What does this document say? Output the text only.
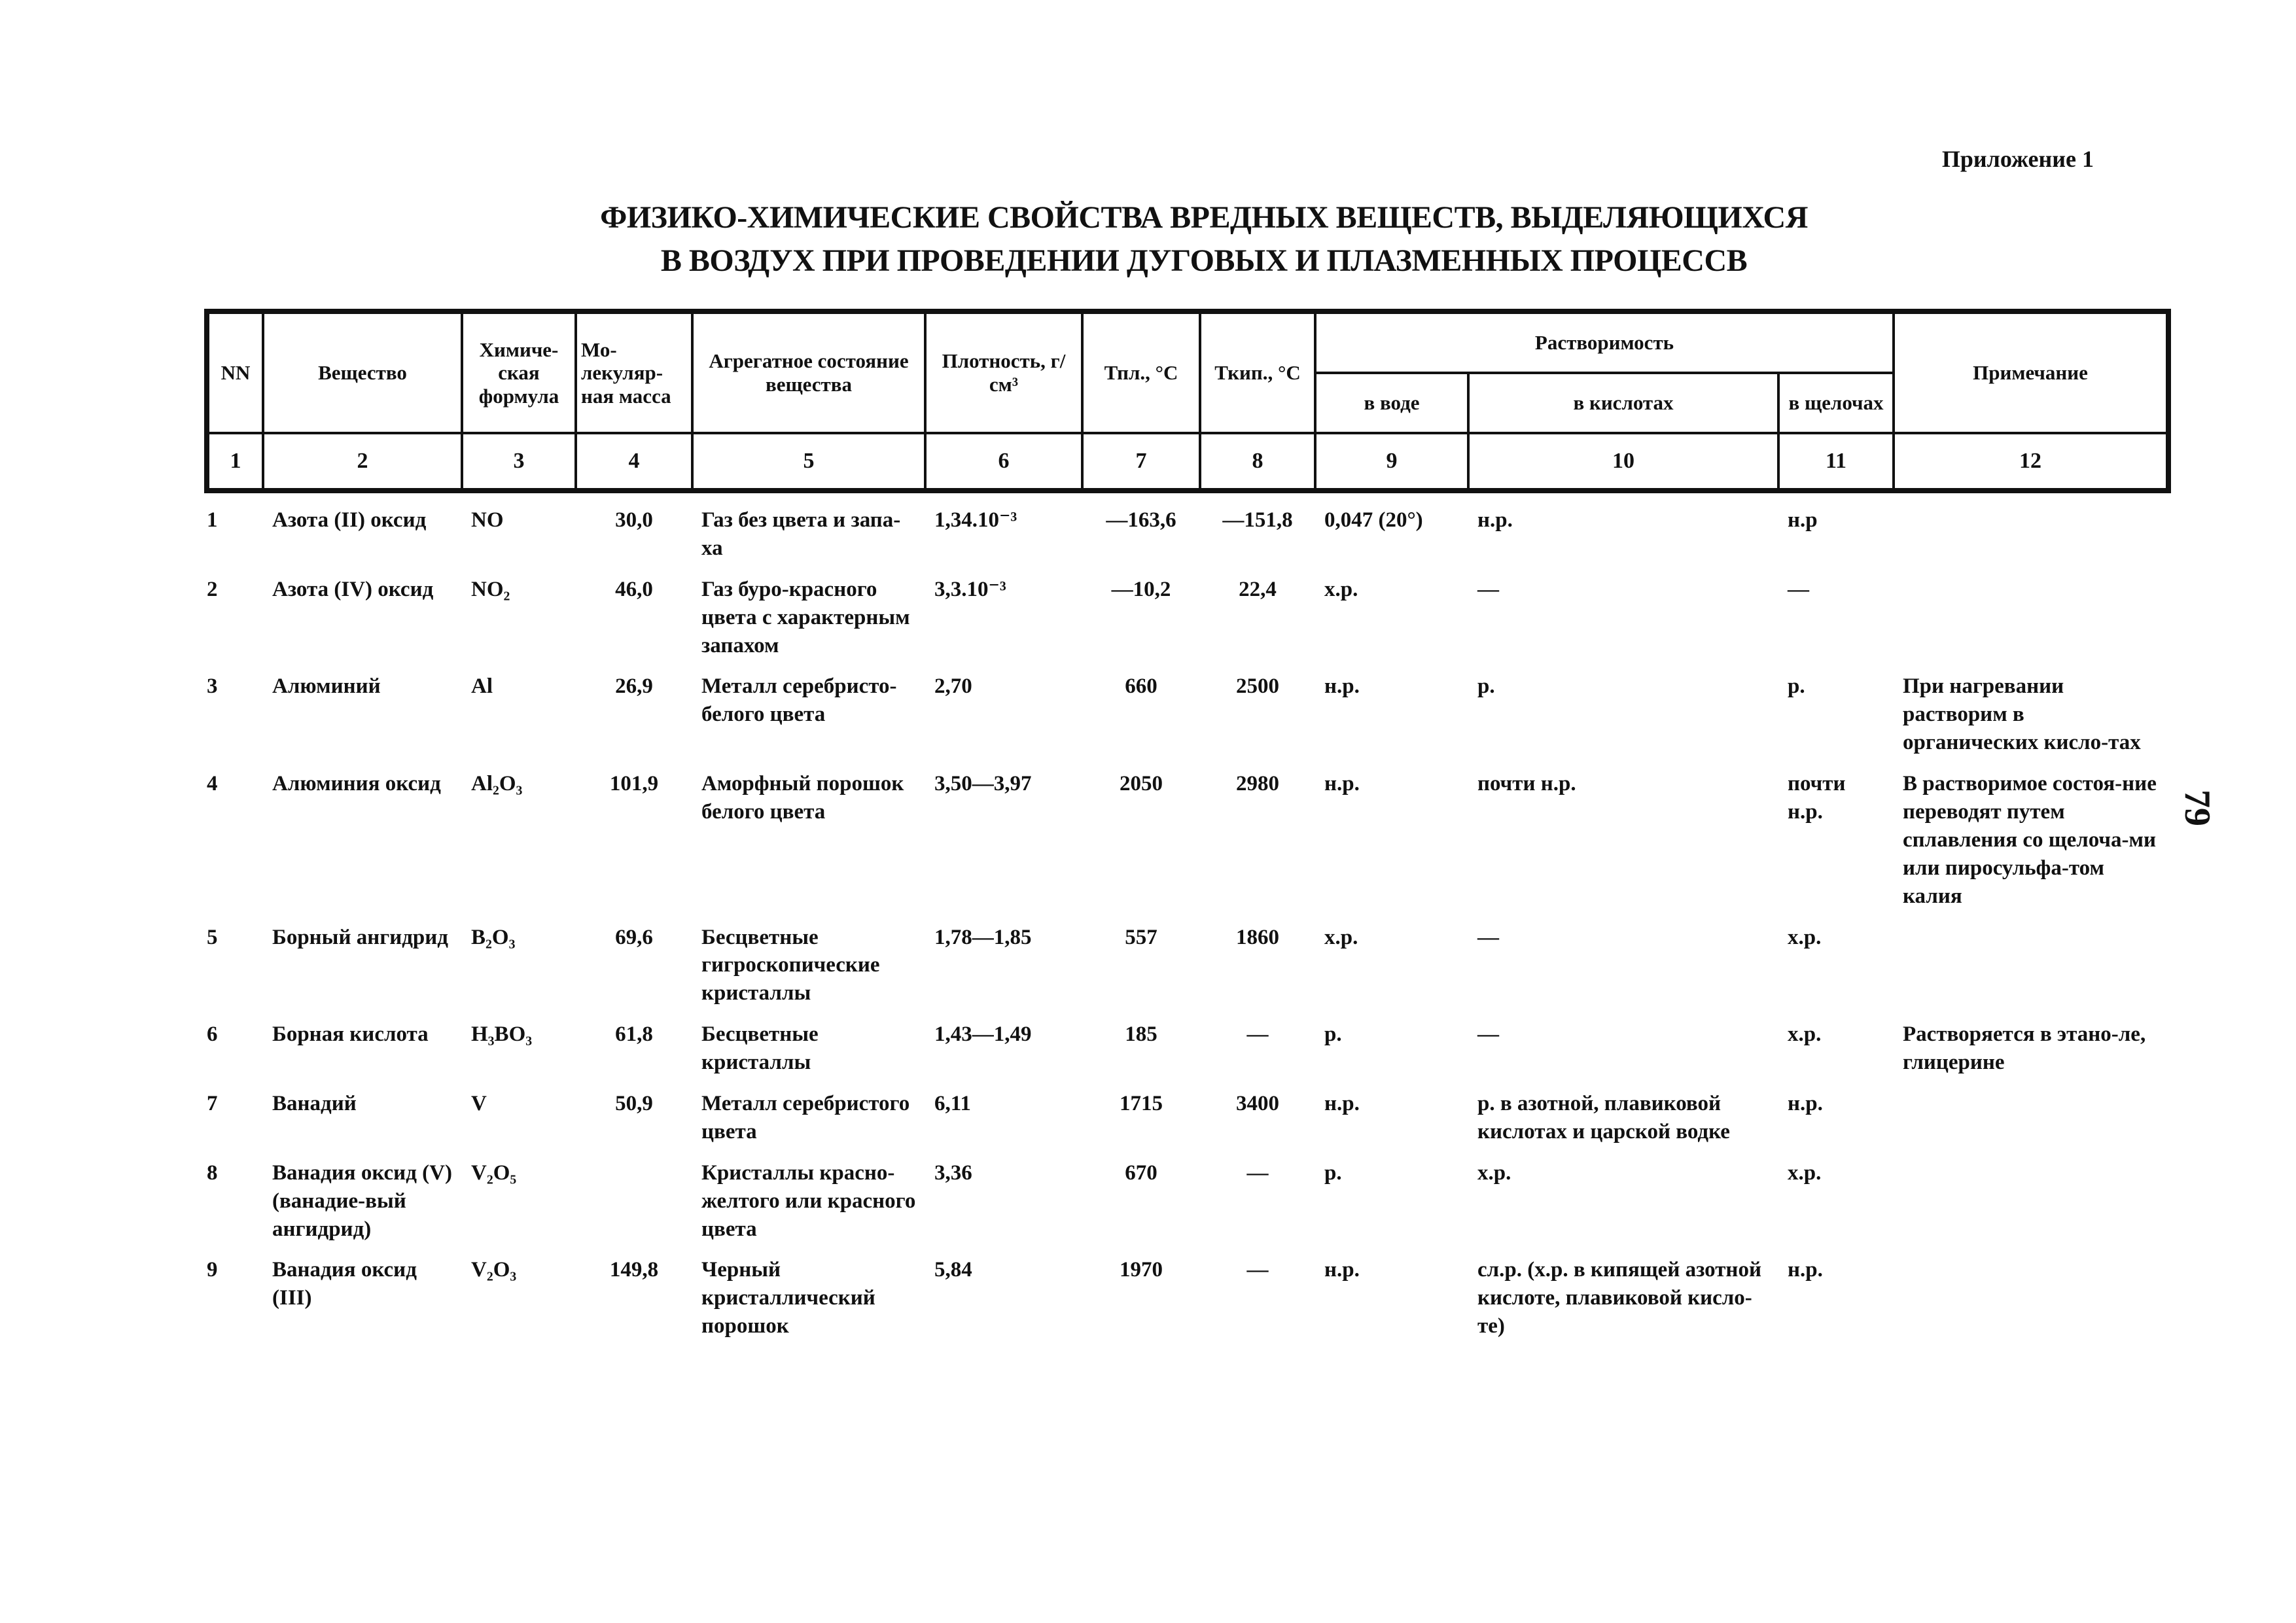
Приложение 1
ФИЗИКО-ХИМИЧЕСКИЕ СВОЙСТВА ВРЕДНЫХ ВЕЩЕСТВ, ВЫДЕЛЯЮЩИХСЯ
В ВОЗДУХ ПРИ ПРОВЕДЕНИИ ДУГОВЫХ И ПЛАЗМЕННЫХ ПРОЦЕССВ
79
NN	Вещество	Химиче-ская формула	Мо-лекуляр-ная масса	Агрегатное состояние вещества	Плотность, г/см³	Тпл., °С	Ткип., °С	Растворимость			Примечание
								в воде	в кислотах	в щелочах	
1	2	3	4	5	6	7	8	9	10	11	12
1	Азота (II) оксид	NO	30,0	Газ без цвета и запа-ха	1,34.10⁻³	—163,6	—151,8	0,047 (20°)	н.р.	н.р	
2	Азота (IV) оксид	NO₂	46,0	Газ буро-красного цвета с характерным запахом	3,3.10⁻³	—10,2	22,4	х.р.	—	—	
3	Алюминий	Al	26,9	Металл серебристо-белого цвета	2,70	660	2500	н.р.	р.	р.	При нагревании растворим в органических кисло-тах
4	Алюминия оксид	Al₂O₃	101,9	Аморфный порошок белого цвета	3,50—3,97	2050	2980	н.р.	почти н.р.	почти н.р.	В растворимое состоя-ние переводят путем сплавления со щелоча-ми или пиросульфа-том калия
5	Борный ангидрид	B₂O₃	69,6	Бесцветные гигроскопические кристаллы	1,78—1,85	557	1860	х.р.	—	х.р.	
6	Борная кислота	H₃BO₃	61,8	Бесцветные кристаллы	1,43—1,49	185	—	р.	—	х.р.	Растворяется в этано-ле, глицерине
7	Ванадий	V	50,9	Металл серебристого цвета	6,11	1715	3400	н.р.	р. в азотной, плавиковой кислотах и царской водке	н.р.	
8	Ванадия оксид (V) (ванадие-вый ангидрид)	V₂O₅		Кристаллы красно-желтого или красного цвета	3,36	670	—	р.	х.р.	х.р.	
9	Ванадия оксид (III)	V₂O₃	149,8	Черный кристаллический порошок	5,84	1970	—	н.р.	сл.р. (х.р. в кипящей азотной кислоте, плавиковой кисло-те)	н.р.	
